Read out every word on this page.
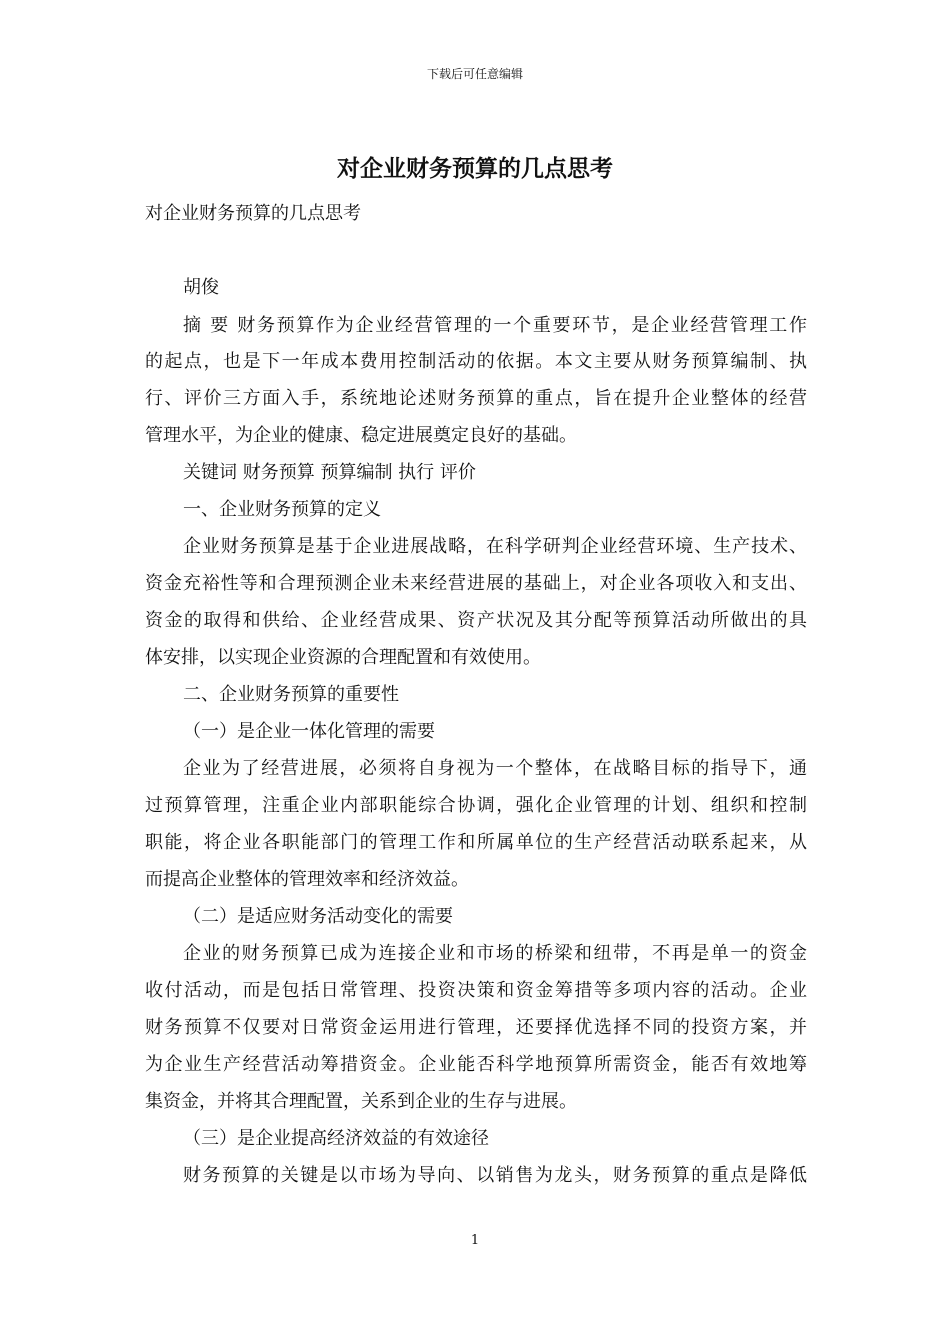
下载后可任意编辑
对企业财务预算的几点思考
对企业财务预算的几点思考
胡俊
摘 要 财务预算作为企业经营管理的一个重要环节，是企业经营管理工作
的起点，也是下一年成本费用控制活动的依据。本文主要从财务预算编制、执
行、评价三方面入手，系统地论述财务预算的重点，旨在提升企业整体的经营
管理水平，为企业的健康、稳定进展奠定良好的基础。
关键词 财务预算 预算编制 执行 评价
一、企业财务预算的定义
企业财务预算是基于企业进展战略，在科学研判企业经营环境、生产技术、
资金充裕性等和合理预测企业未来经营进展的基础上，对企业各项收入和支出、
资金的取得和供给、企业经营成果、资产状况及其分配等预算活动所做出的具
体安排，以实现企业资源的合理配置和有效使用。
二、企业财务预算的重要性
（一）是企业一体化管理的需要
企业为了经营进展，必须将自身视为一个整体，在战略目标的指导下，通
过预算管理，注重企业内部职能综合协调，强化企业管理的计划、组织和控制
职能，将企业各职能部门的管理工作和所属单位的生产经营活动联系起来，从
而提高企业整体的管理效率和经济效益。
（二）是适应财务活动变化的需要
企业的财务预算已成为连接企业和市场的桥梁和纽带，不再是单一的资金
收付活动，而是包括日常管理、投资决策和资金筹措等多项内容的活动。企业
财务预算不仅要对日常资金运用进行管理，还要择优选择不同的投资方案，并
为企业生产经营活动筹措资金。企业能否科学地预算所需资金，能否有效地筹
集资金，并将其合理配置，关系到企业的生存与进展。
（三）是企业提高经济效益的有效途径
财务预算的关键是以市场为导向、以销售为龙头，财务预算的重点是降低
1
